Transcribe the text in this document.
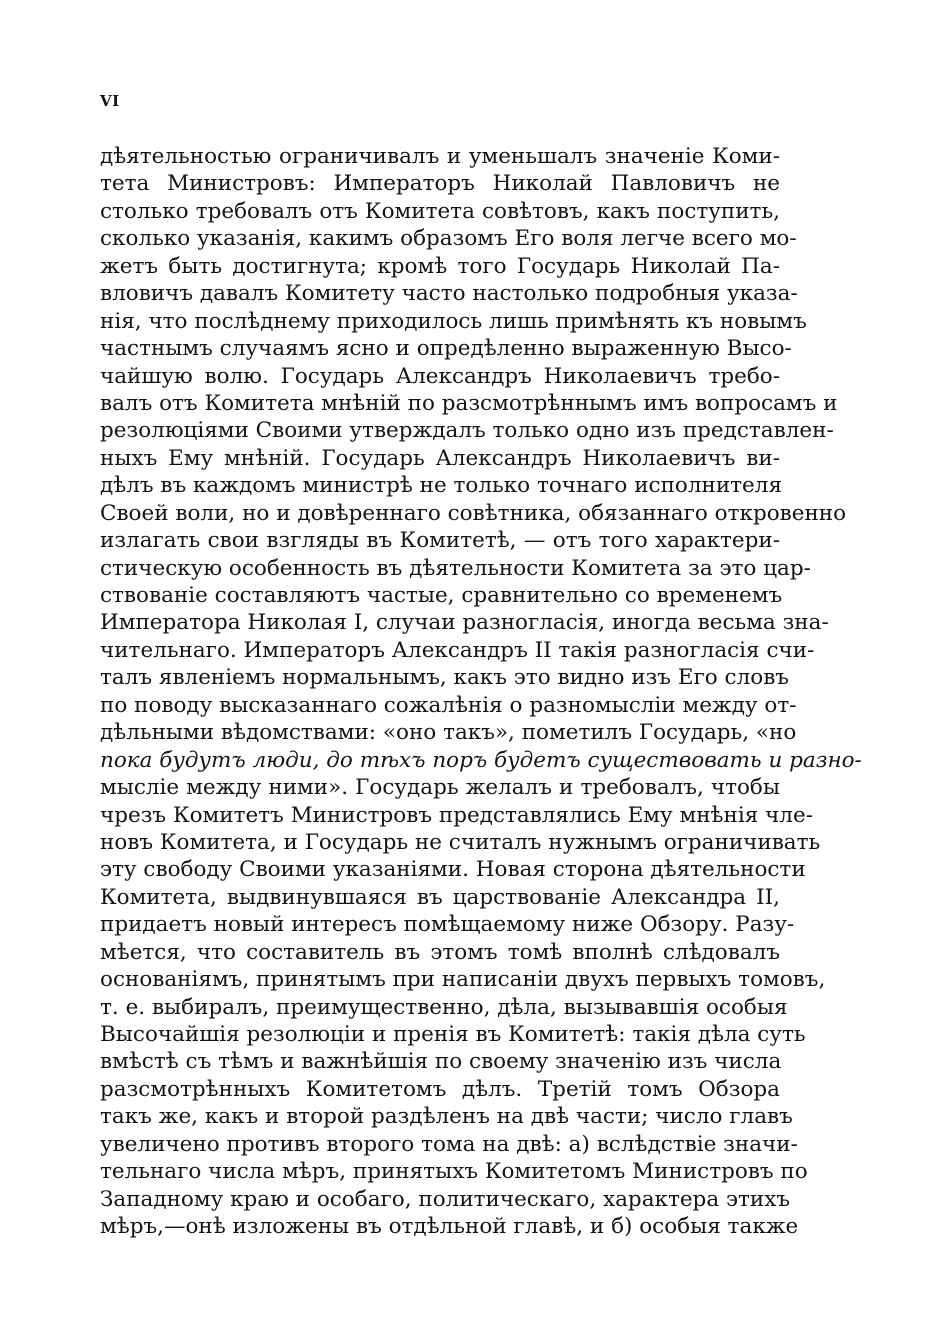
VI
дѣятельностью ограничивалъ и уменьшалъ значеніе Коми-
тета Министровъ: Императоръ Николай Павловичъ не
столько требовалъ отъ Комитета совѣтовъ, какъ поступить,
сколько указанія, какимъ образомъ Его воля легче всего мо-
жетъ быть достигнута; кромѣ того Государь Николай Па-
вловичъ давалъ Комитету часто настолько подробныя указа-
нія, что послѣднему приходилось лишь примѣнять къ новымъ
частнымъ случаямъ ясно и опредѣленно выраженную Высо-
чайшую волю. Государь Александръ Николаевичъ требо-
валъ отъ Комитета мнѣній по разсмотрѣннымъ имъ вопросамъ и
резолюціями Своими утверждалъ только одно изъ представлен-
ныхъ Ему мнѣній. Государь Александръ Николаевичъ ви-
дѣлъ въ каждомъ министрѣ не только точнаго исполнителя
Своей воли, но и довѣреннаго совѣтника, обязаннаго откровенно
излагать свои взгляды въ Комитетѣ, — отъ того характери-
стическую особенность въ дѣятельности Комитета за это цар-
ствованіе составляютъ частые, сравнительно со временемъ
Императора Николая I, случаи разногласія, иногда весьма зна-
чительнаго. Императоръ Александръ II такія разногласія счи-
талъ явленіемъ нормальнымъ, какъ это видно изъ Его словъ
по поводу высказаннаго сожалѣнія о разномысліи между от-
дѣльными вѣдомствами: «оно такъ», пометилъ Государь, «но
пока будутъ люди, до тѣхъ поръ будетъ существовать и разно-
мысліе между ними». Государь желалъ и требовалъ, чтобы
чрезъ Комитетъ Министровъ представлялись Ему мнѣнія чле-
новъ Комитета, и Государь не считалъ нужнымъ ограничивать
эту свободу Своими указаніями. Новая сторона дѣятельности
Комитета, выдвинувшаяся въ царствованіе Александра II,
придаетъ новый интересъ помѣщаемому ниже Обзору. Разу-
мѣется, что составитель въ этомъ томѣ вполнѣ слѣдовалъ
основаніямъ, принятымъ при написаніи двухъ первыхъ томовъ,
т. е. выбиралъ, преимущественно, дѣла, вызывавшія особыя
Высочайшія резолюціи и пренія въ Комитетѣ: такія дѣла суть
вмѣстѣ съ тѣмъ и важнѣйшія по своему значенію изъ числа
разсмотрѣнныхъ Комитетомъ дѣлъ. Третій томъ Обзора
такъ же, какъ и второй раздѣленъ на двѣ части; число главъ
увеличено противъ второго тома на двѣ: а) вслѣдствіе значи-
тельнаго числа мѣръ, принятыхъ Комитетомъ Министровъ по
Западному краю и особаго, политическаго, характера этихъ
мѣръ,—онѣ изложены въ отдѣльной главѣ, и б) особыя также
